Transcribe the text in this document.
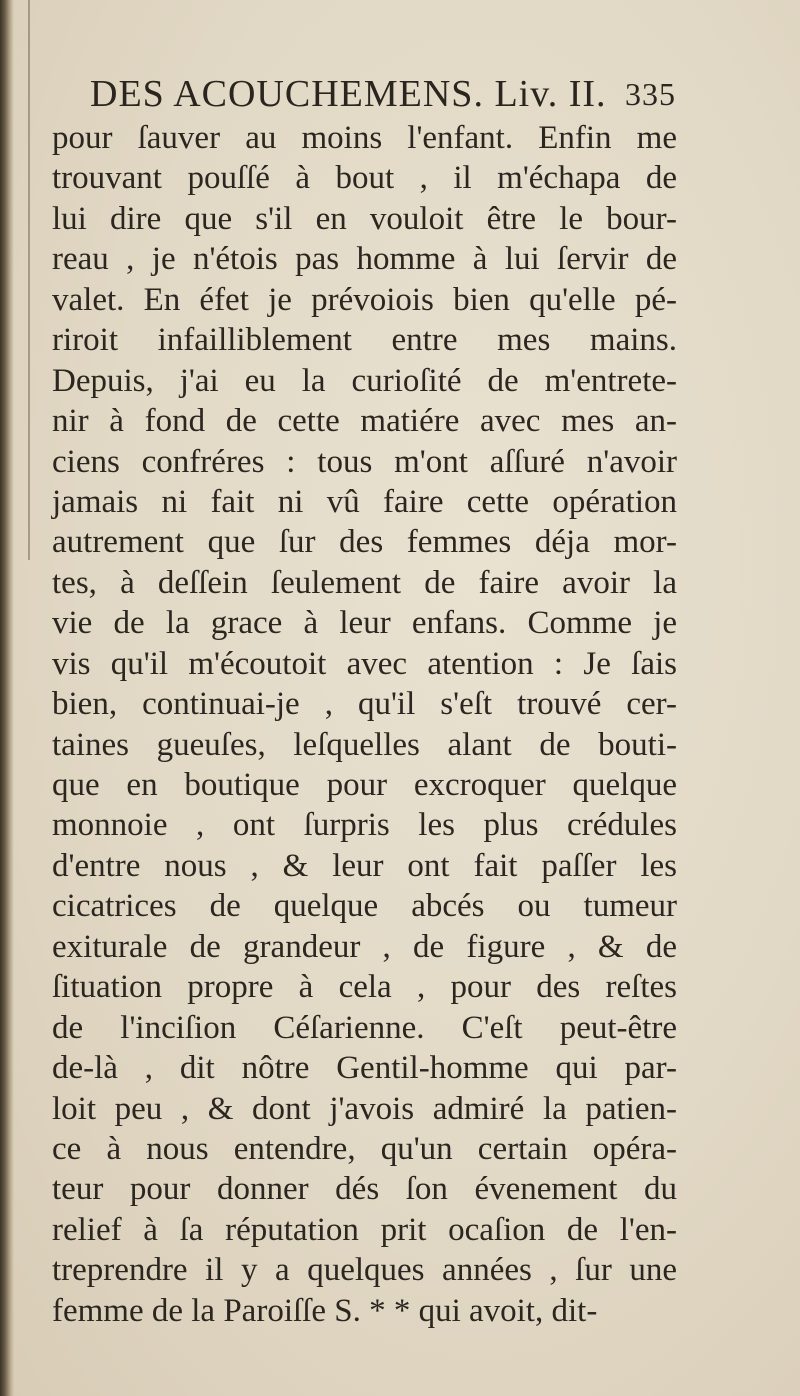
DES ACOUCHEMENS. Liv. II. 335
pour ſauver au moins l'enfant. Enfin me
trouvant pouſſé à bout , il m'échapa de
lui dire que s'il en vouloit être le bour-
reau , je n'étois pas homme à lui ſervir de
valet. En éfet je prévoiois bien qu'elle pé-
riroit infailliblement entre mes mains.
Depuis, j'ai eu la curioſité de m'entrete-
nir à fond de cette matiére avec mes an-
ciens confréres : tous m'ont aſſuré n'avoir
jamais ni fait ni vû faire cette opération
autrement que ſur des femmes déja mor-
tes, à deſſein ſeulement de faire avoir la
vie de la grace à leur enfans. Comme je
vis qu'il m'écoutoit avec atention : Je ſais
bien, continuai-je , qu'il s'eſt trouvé cer-
taines gueuſes, leſquelles alant de bouti-
que en boutique pour excroquer quelque
monnoie , ont ſurpris les plus crédules
d'entre nous , & leur ont fait paſſer les
cicatrices de quelque abcés ou tumeur
exiturale de grandeur , de figure , & de
ſituation propre à cela , pour des reſtes
de l'inciſion Céſarienne. C'eſt peut-être
de-là , dit nôtre Gentil-homme qui par-
loit peu , & dont j'avois admiré la patien-
ce à nous entendre, qu'un certain opéra-
teur pour donner dés ſon évenement du
relief à ſa réputation prit ocaſion de l'en-
treprendre il y a quelques années , ſur une
femme de la Paroiſſe S. * * qui avoit, dit-
